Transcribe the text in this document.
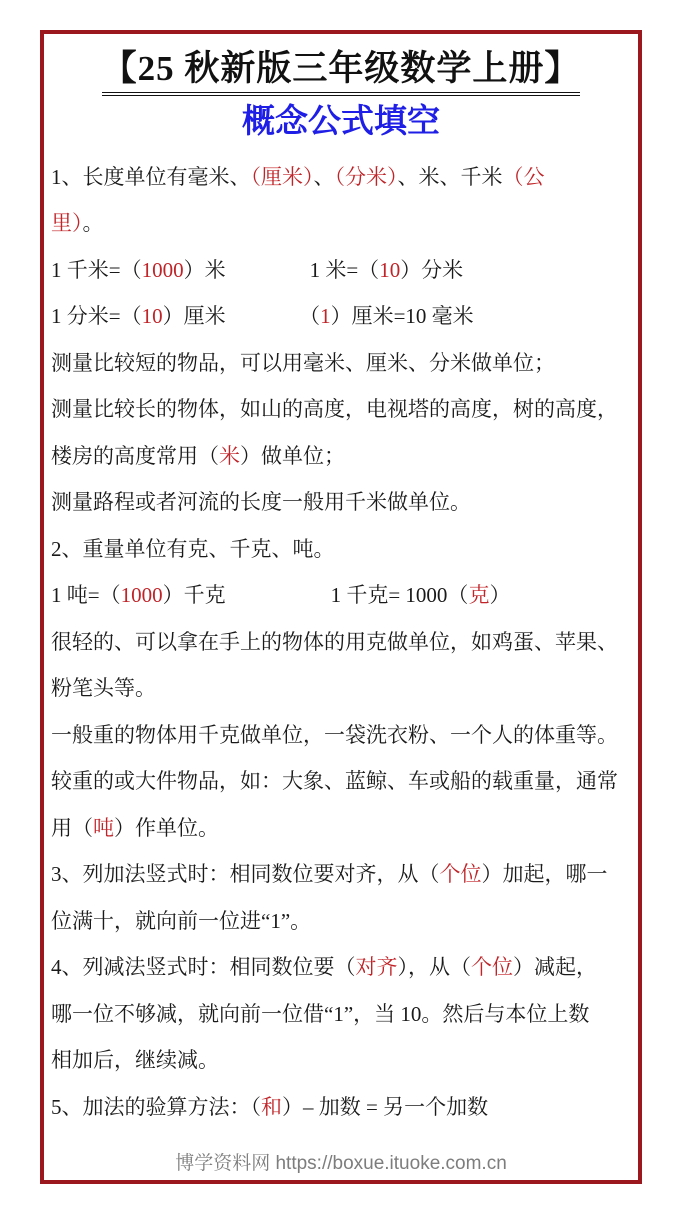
【25 秋新版三年级数学上册】
概念公式填空

1、长度单位有毫米、（厘米）、（分米）、米、千米（公

里）。

1 千米=（1000）米　　　　	1 米=（10）分米

1 分米=（10）厘米　　　　	（1）厘米=10 毫米

测量比较短的物品，可以用毫米、厘米、分米做单位；

测量比较长的物体，如山的高度，电视塔的高度，树的高度，

楼房的高度常用（米）做单位；

测量路程或者河流的长度一般用千米做单位。

2、重量单位有克、千克、吨。

1 吨=（1000）千克　　　　　	1 千克= 1000（克）

很轻的、可以拿在手上的物体的用克做单位，如鸡蛋、苹果、

粉笔头等。

一般重的物体用千克做单位，一袋洗衣粉、一个人的体重等。

较重的或大件物品，如：大象、蓝鲸、车或船的载重量，通常

用（吨）作单位。

3、列加法竖式时：相同数位要对齐，从（个位）加起，哪一

位满十，就向前一位进“1”。

4、列减法竖式时：相同数位要（对齐），从（个位）减起，

哪一位不够减，就向前一位借“1”，当 10。然后与本位上数

相加后，继续减。

5、加法的验算方法：（和）– 加数 = 另一个加数

博学资料网 https://boxue.ituoke.com.cn
